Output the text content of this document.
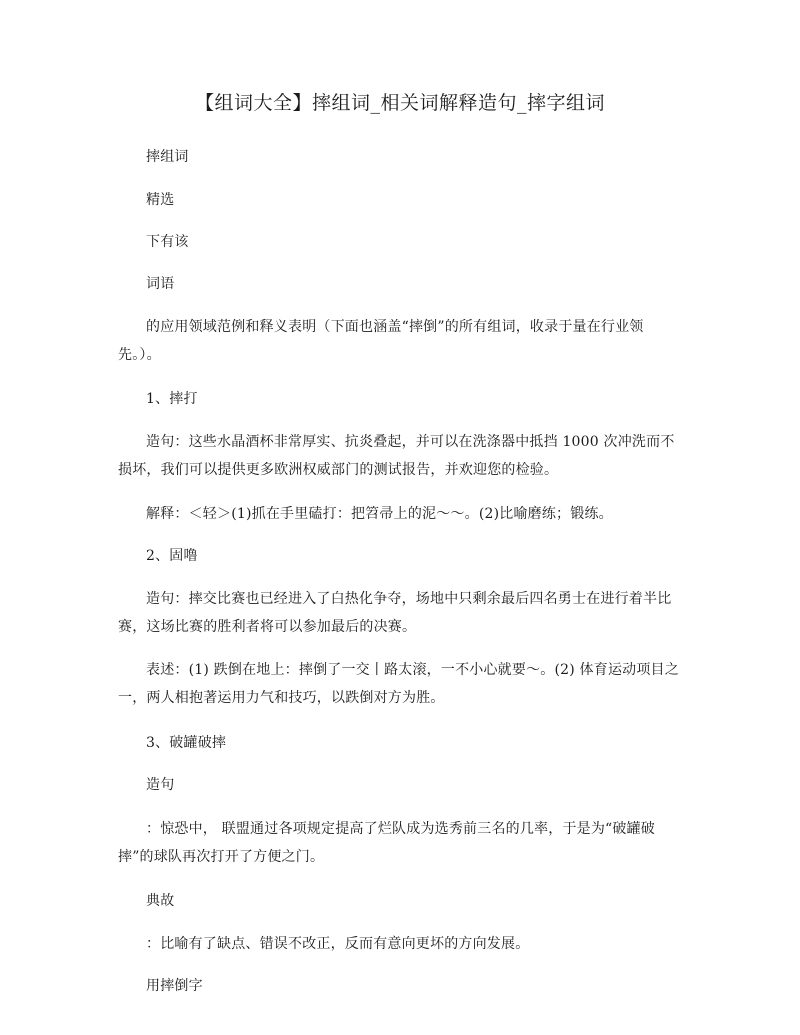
【组词大全】摔组词_相关词解释造句_摔字组词
摔组词
精选
下有该
词语
的应用领域范例和释义表明（下面也涵盖“摔倒”的所有组词，收录于量在行业领先。）。
1、摔打
造句：这些水晶酒杯非常厚实、抗炎叠起，并可以在洗涤器中抵挡 1000 次冲洗而不损坏，我们可以提供更多欧洲权威部门的测试报告，并欢迎您的检验。
解释：＜轻＞(1)抓在手里磕打：把笤帚上的泥～～。(2)比喻磨练；锻练。
2、固噜
造句：摔交比赛也已经进入了白热化争夺，场地中只剩余最后四名勇士在进行着半比赛，这场比赛的胜利者将可以参加最后的决赛。
表述：(1) 跌倒在地上：摔倒了一交丨路太滚，一不小心就要～。(2) 体育运动项目之一，两人相抱著运用力气和技巧，以跌倒对方为胜。
3、破罐破摔
造句
：惊恐中， 联盟通过各项规定提高了烂队成为选秀前三名的几率，于是为“破罐破摔”的球队再次打开了方便之门。
典故
：比喻有了缺点、错误不改正，反而有意向更坏的方向发展。
用摔倒字
